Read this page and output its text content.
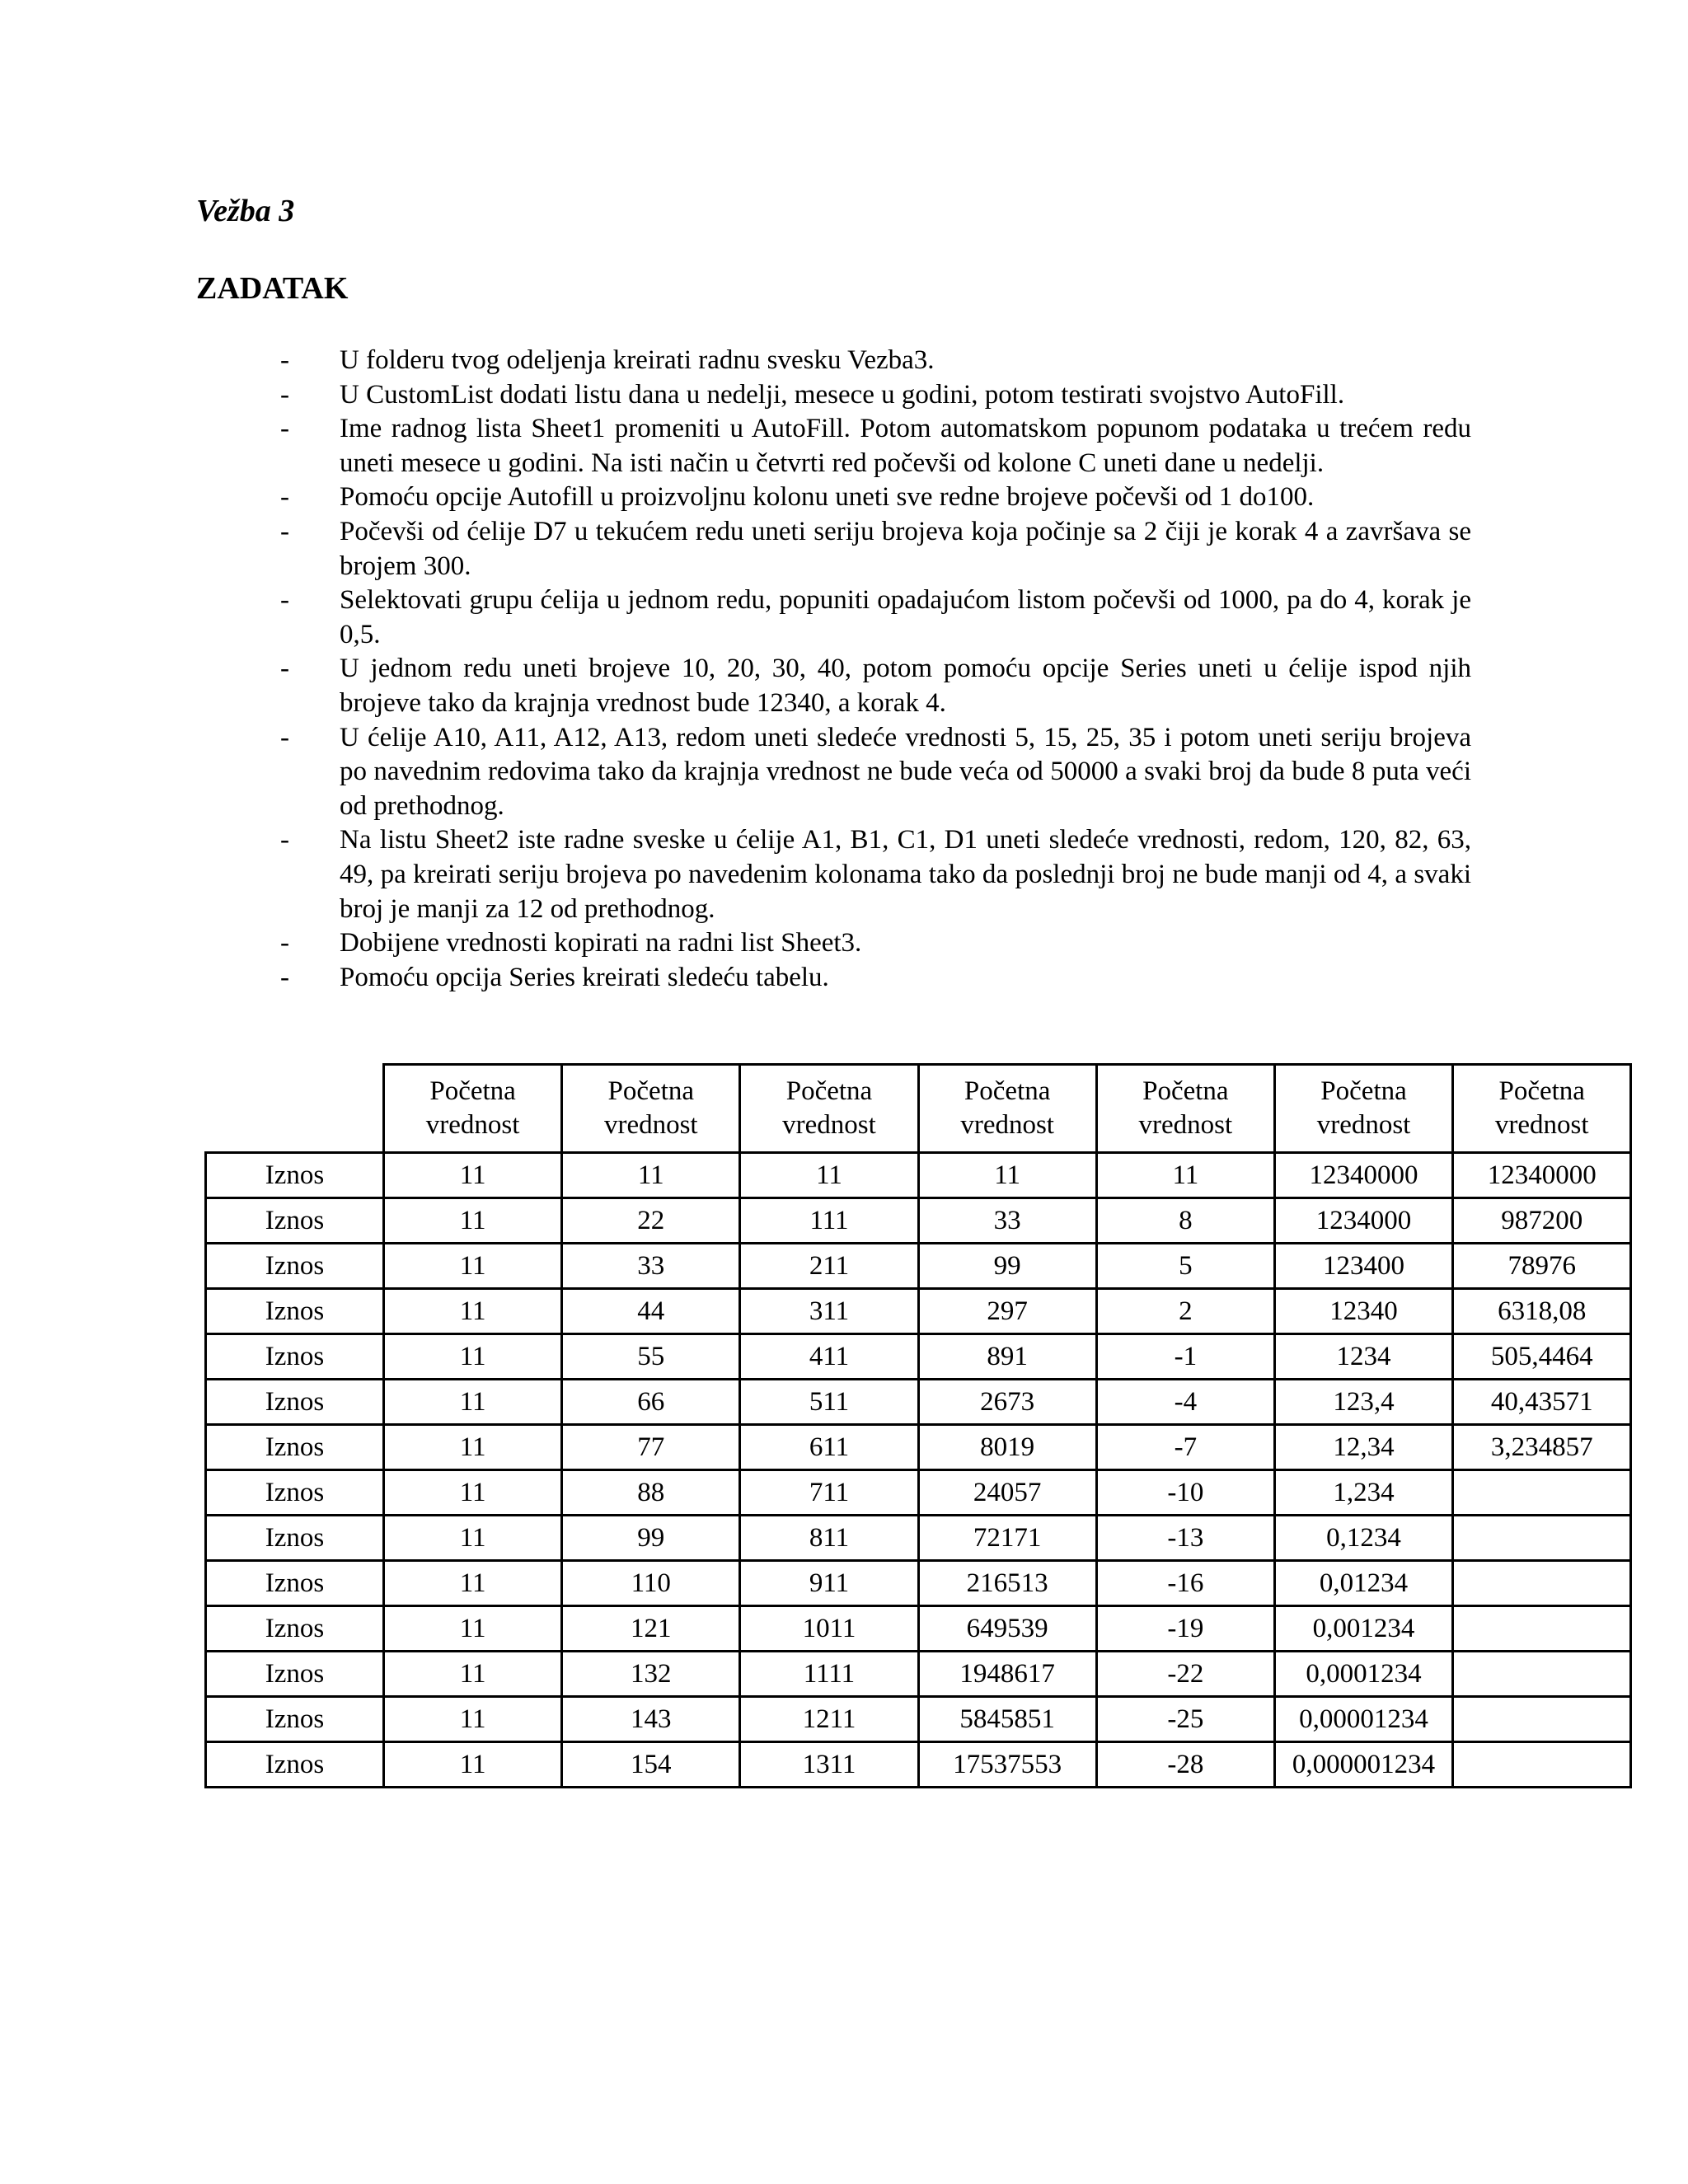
Vežba 3
ZADATAK
-	U folderu tvog odeljenja kreirati radnu svesku Vezba3.
-	U CustomList dodati listu dana u nedelji, mesece u godini, potom testirati svojstvo AutoFill.
-	Ime radnog lista Sheet1 promeniti u AutoFill. Potom automatskom popunom podataka u trećem redu uneti mesece u godini. Na isti način u četvrti red počevši od kolone C uneti dane u nedelji.
-	Pomoću opcije Autofill u proizvoljnu kolonu uneti sve redne brojeve počevši od 1 do100.
-	Počevši od ćelije D7 u tekućem redu uneti seriju brojeva koja počinje sa 2 čiji je korak 4 a završava se brojem 300.
-	Selektovati grupu ćelija u jednom redu, popuniti opadajućom listom počevši od 1000, pa do 4, korak je 0,5.
-	U jednom redu uneti brojeve 10, 20, 30, 40, potom pomoću opcije Series uneti u ćelije ispod njih brojeve tako da krajnja vrednost bude 12340, a korak 4.
-	U ćelije A10, A11, A12, A13, redom uneti sledeće vrednosti 5, 15, 25, 35 i potom uneti seriju brojeva po navednim redovima tako da krajnja vrednost ne bude veća od 50000 a svaki broj da bude 8 puta veći od prethodnog.
-	Na listu Sheet2 iste radne sveske u ćelije A1, B1, C1, D1 uneti sledeće vrednosti, redom, 120, 82, 63, 49, pa kreirati seriju brojeva po navedenim kolonama tako da poslednji broj ne bude manji od 4, a svaki broj je manji za 12 od prethodnog.
-	Dobijene vrednosti kopirati na radni list Sheet3.
-	Pomoću opcija Series kreirati sledeću tabelu.

	Početna
vrednost	Početna
vrednost	Početna
vrednost	Početna
vrednost	Početna
vrednost	Početna
vrednost	Početna
vrednost

Iznos	11	11	11	11	11	12340000	12340000
Iznos	11	22	111	33	8	1234000	987200
Iznos	11	33	211	99	5	123400	78976
Iznos	11	44	311	297	2	12340	6318,08
Iznos	11	55	411	891	-1	1234	505,4464
Iznos	11	66	511	2673	-4	123,4	40,43571
Iznos	11	77	611	8019	-7	12,34	3,234857
Iznos	11	88	711	24057	-10	1,234	
Iznos	11	99	811	72171	-13	0,1234	
Iznos	11	110	911	216513	-16	0,01234	
Iznos	11	121	1011	649539	-19	0,001234	
Iznos	11	132	1111	1948617	-22	0,0001234	
Iznos	11	143	1211	5845851	-25	0,00001234	
Iznos	11	154	1311	17537553	-28	0,000001234	
